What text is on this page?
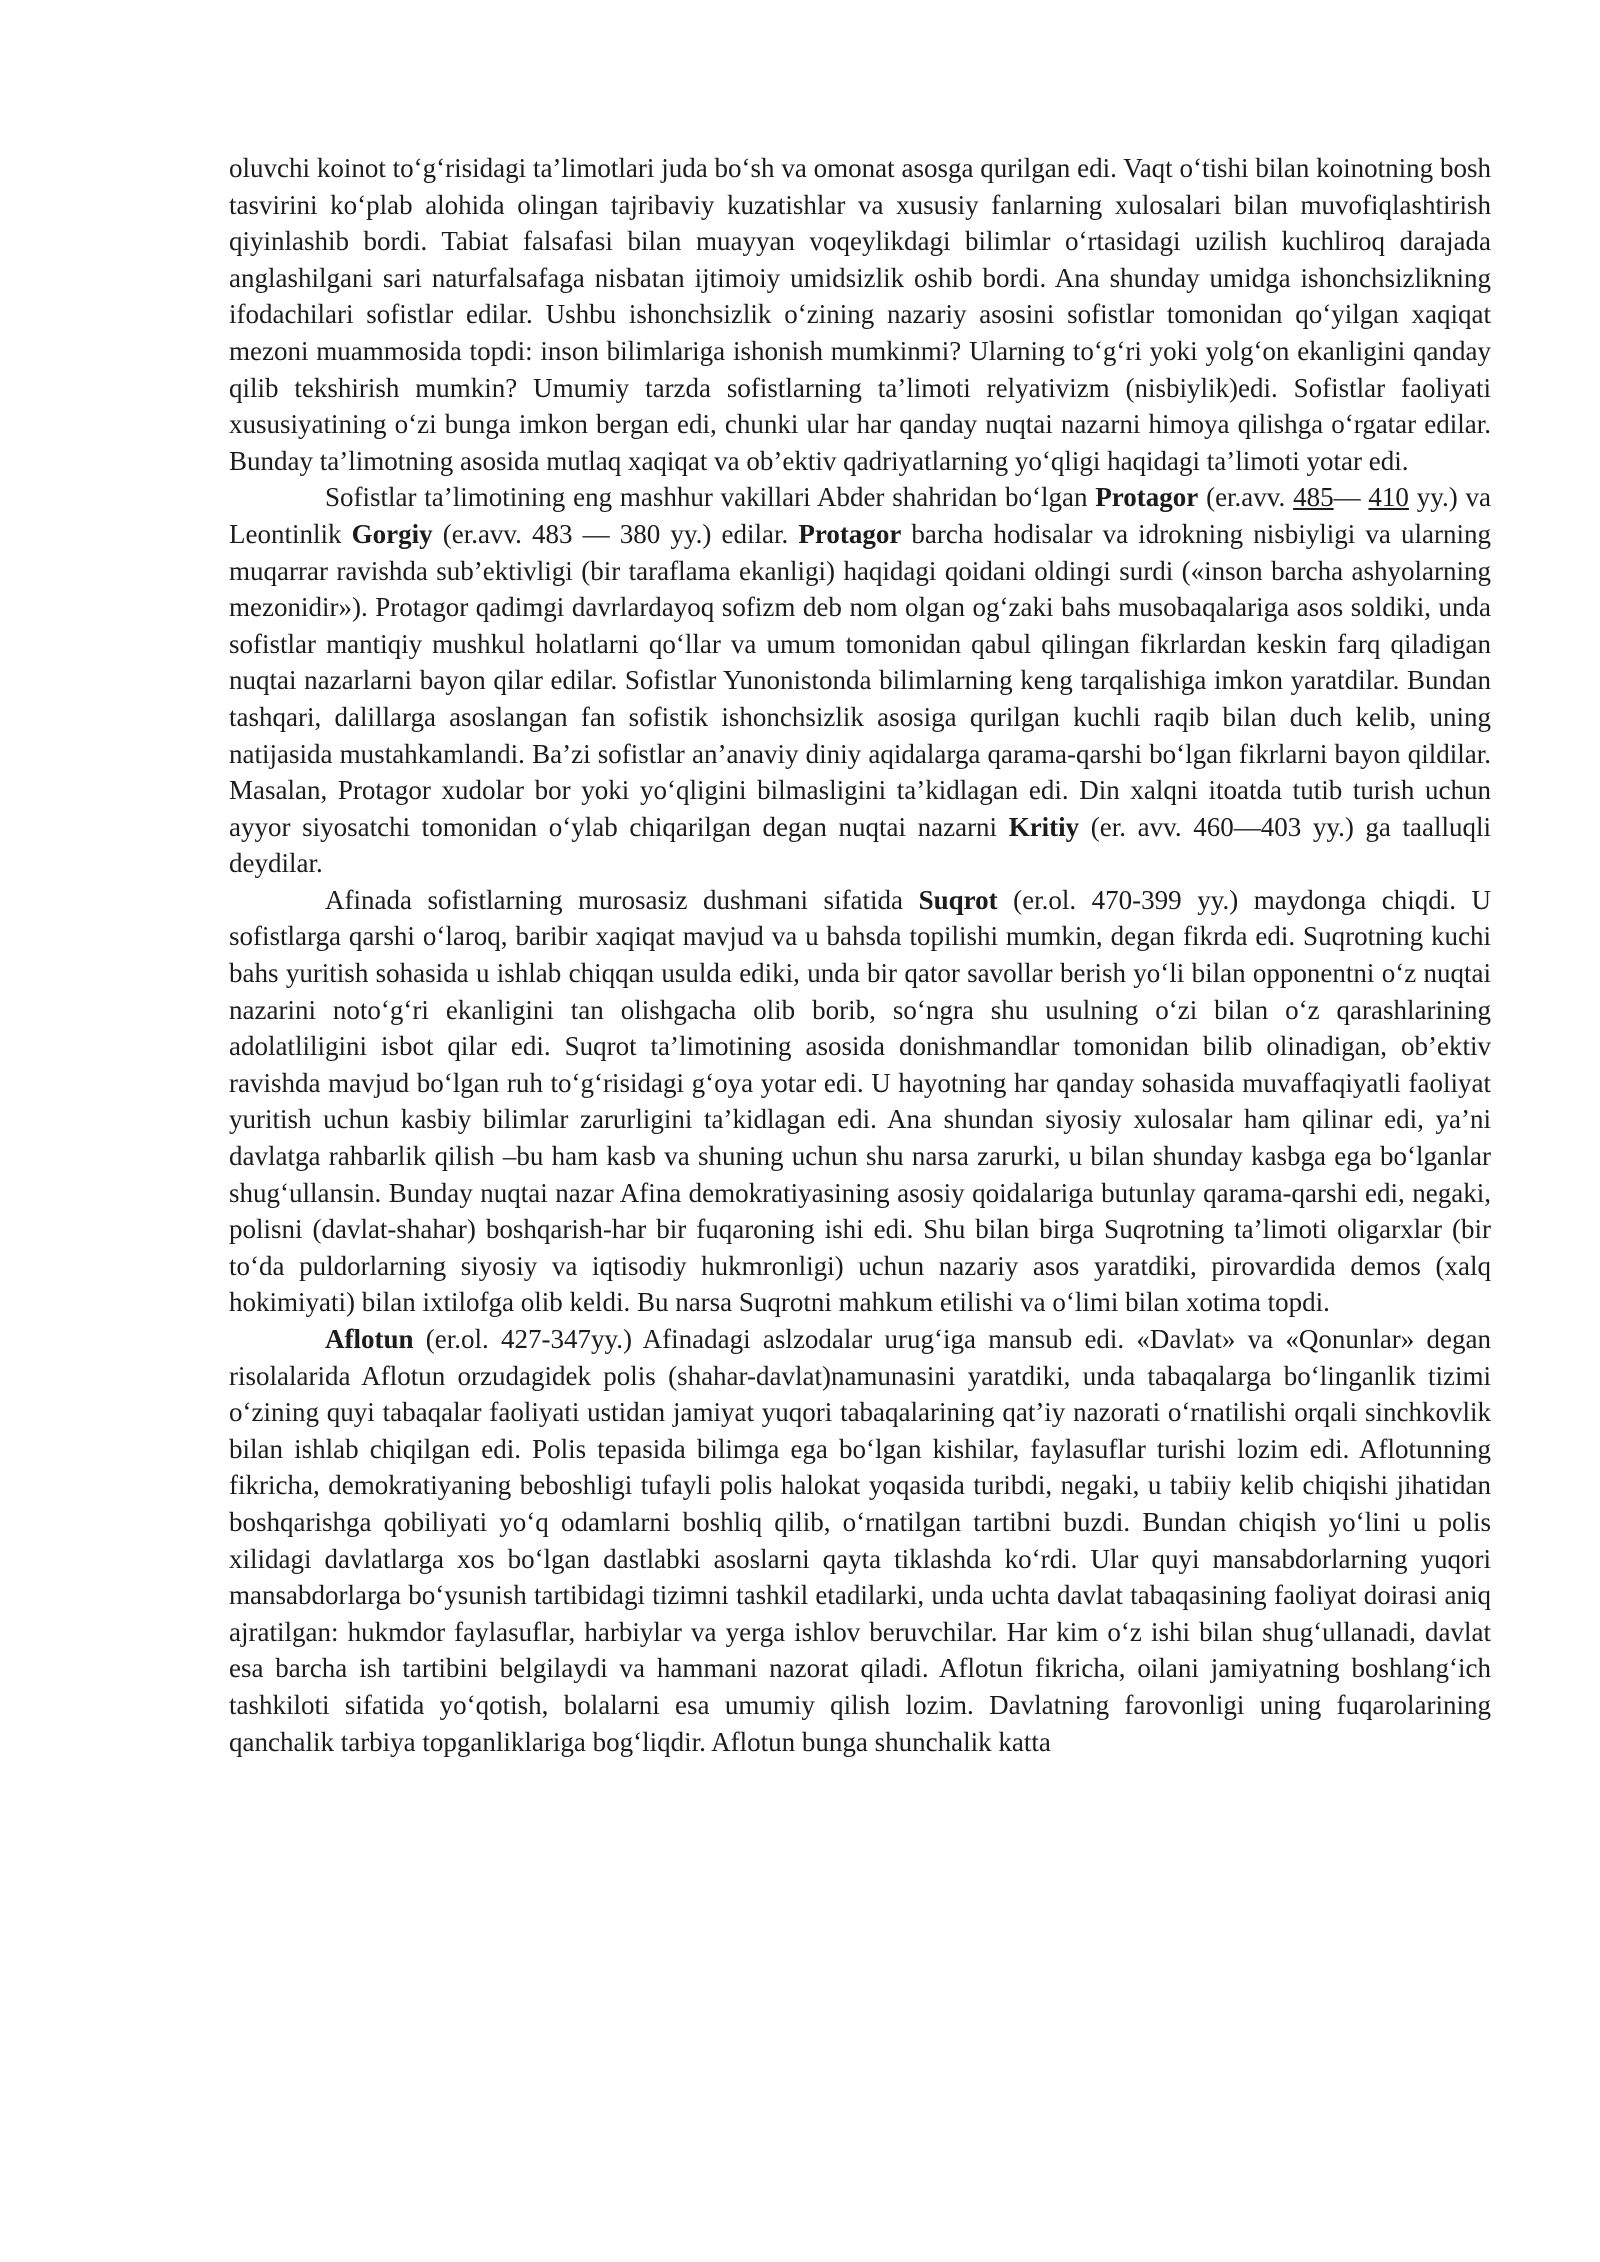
oluvchi koinot to‘g‘risidagi ta’limotlari juda bo‘sh va omonat asosga qurilgan edi. Vaqt o‘tishi bilan koinotning bosh tasvirini ko‘plab alohida olingan tajribaviy kuzatishlar va xususiy fanlarning xulosalari bilan muvofiqlashtirish qiyinlashib bordi. Tabiat falsafasi bilan muayyan voqeylikdagi bilimlar o‘rtasidagi uzilish kuchliroq darajada anglashilgani sari naturfalsafaga nisbatan ijtimoiy umidsizlik oshib bordi. Ana shunday umidga ishonchsizlikning ifodachilari sofistlar edilar. Ushbu ishonchsizlik o‘zining nazariy asosini sofistlar tomonidan qo‘yilgan xaqiqat mezoni muammosida topdi: inson bilimlariga ishonish mumkinmi? Ularning to‘g‘ri yoki yolg‘on ekanligini qanday qilib tekshirish mumkin? Umumiy tarzda sofistlarning ta’limoti relyativizm (nisbiylik)edi. Sofistlar faoliyati xususiyatining o‘zi bunga imkon bergan edi, chunki ular har qanday nuqtai nazarni himoya qilishga o‘rgatar edilar. Bunday ta’limotning asosida mutlaq xaqiqat va ob’ektiv qadriyatlarning yo‘qligi haqidagi ta’limoti yotar edi.

Sofistlar ta’limotining eng mashhur vakillari Abder shahridan bo‘lgan Protagor (er.avv. 485— 410 yy.) va Leontinlik Gorgiy (er.avv. 483 — 380 yy.) edilar. Protagor barcha hodisalar va idrokning nisbiyligi va ularning muqarrar ravishda sub’ektivligi (bir taraflama ekanligi) haqidagi qoidani oldingi surdi («inson barcha ashyolarning mezonidir»). Protagor qadimgi davrlardayoq sofizm deb nom olgan og‘zaki bahs musobaqalariga asos soldiki, unda sofistlar mantiqiy mushkul holatlarni qo‘llar va umum tomonidan qabul qilingan fikrlardan keskin farq qiladigan nuqtai nazarlarni bayon qilar edilar. Sofistlar Yunonistonda bilimlarning keng tarqalishiga imkon yaratdilar. Bundan tashqari, dalillarga asoslangan fan sofistik ishonchsizlik asosiga qurilgan kuchli raqib bilan duch kelib, uning natijasida mustahkamlandi. Ba’zi sofistlar an’anaviy diniy aqidalarga qarama-qarshi bo‘lgan fikrlarni bayon qildilar. Masalan, Protagor xudolar bor yoki yo‘qligini bilmasligini ta’kidlagan edi. Din xalqni itoatda tutib turish uchun ayyor siyosatchi tomonidan o‘ylab chiqarilgan degan nuqtai nazarni Kritiy (er. avv. 460—403 yy.) ga taalluqli deydilar.

Afinada sofistlarning murosasiz dushmani sifatida Suqrot (er.ol. 470-399 yy.) maydonga chiqdi. U sofistlarga qarshi o‘laroq, baribir xaqiqat mavjud va u bahsda topilishi mumkin, degan fikrda edi. Suqrotning kuchi bahs yuritish sohasida u ishlab chiqqan usulda ediki, unda bir qator savollar berish yo‘li bilan opponentni o‘z nuqtai nazarini noto‘g‘ri ekanligini tan olishgacha olib borib, so‘ngra shu usulning o‘zi bilan o‘z qarashlarining adolatliligini isbot qilar edi. Suqrot ta’limotining asosida donishmandlar tomonidan bilib olinadigan, ob’ektiv ravishda mavjud bo‘lgan ruh to‘g‘risidagi g‘oya yotar edi. U hayotning har qanday sohasida muvaffaqiyatli faoliyat yuritish uchun kasbiy bilimlar zarurligini ta’kidlagan edi. Ana shundan siyosiy xulosalar ham qilinar edi, ya’ni davlatga rahbarlik qilish –bu ham kasb va shuning uchun shu narsa zarurki, u bilan shunday kasbga ega bo‘lganlar shug‘ullansin. Bunday nuqtai nazar Afina demokratiyasining asosiy qoidalariga butunlay qarama-qarshi edi, negaki, polisni (davlat-shahar) boshqarish-har bir fuqaroning ishi edi. Shu bilan birga Suqrotning ta’limoti oligarxlar (bir to‘da puldorlarning siyosiy va iqtisodiy hukmronligi) uchun nazariy asos yaratdiki, pirovardida demos (xalq hokimiyati) bilan ixtilofga olib keldi. Bu narsa Suqrotni mahkum etilishi va o‘limi bilan xotima topdi.

Aflotun (er.ol. 427-347yy.) Afinadagi aslzodalar urug‘iga mansub edi. «Davlat» va «Qonunlar» degan risolalarida Aflotun orzudagidek polis (shahar-davlat)namunasini yaratdiki, unda tabaqalarga bo‘linganlik tizimi o‘zining quyi tabaqalar faoliyati ustidan jamiyat yuqori tabaqalarining qat’iy nazorati o‘rnatilishi orqali sinchkovlik bilan ishlab chiqilgan edi. Polis tepasida bilimga ega bo‘lgan kishilar, faylasuflar turishi lozim edi. Aflotunning fikricha, demokratiyaning beboshligi tufayli polis halokat yoqasida turibdi, negaki, u tabiiy kelib chiqishi jihatidan boshqarishga qobiliyati yo‘q odamlarni boshliq qilib, o‘rnatilgan tartibni buzdi. Bundan chiqish yo‘lini u polis xilidagi davlatlarga xos bo‘lgan dastlabki asoslarni qayta tiklashda ko‘rdi. Ular quyi mansabdorlarning yuqori mansabdorlarga bo‘ysunish tartibidagi tizimni tashkil etadilarki, unda uchta davlat tabaqasining faoliyat doirasi aniq ajratilgan: hukmdor faylasuflar, harbiylar va yerga ishlov beruvchilar. Har kim o‘z ishi bilan shug‘ullanadi, davlat esa barcha ish tartibini belgilaydi va hammani nazorat qiladi. Aflotun fikricha, oilani jamiyatning boshlang‘ich tashkiloti sifatida yo‘qotish, bolalarni esa umumiy qilish lozim. Davlatning farovonligi uning fuqarolarining qanchalik tarbiya topganliklariga bog‘liqdir. Aflotun bunga shunchalik katta
